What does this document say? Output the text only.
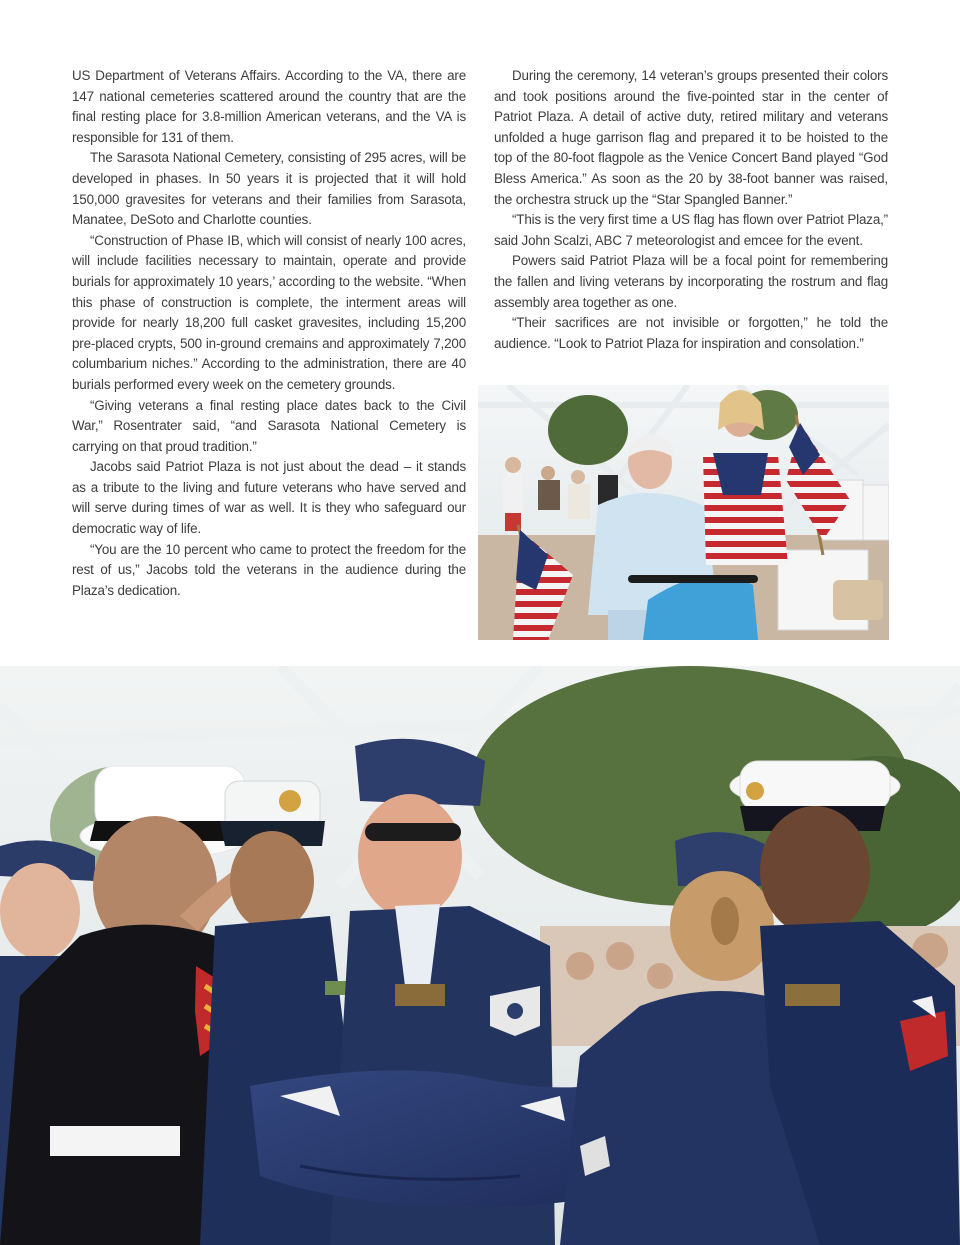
US Department of Veterans Affairs. According to the VA, there are 147 national cemeteries scattered around the country that are the final resting place for 3.8-million American veterans, and the VA is responsible for 131 of them.

The Sarasota National Cemetery, consisting of 295 acres, will be developed in phases. In 50 years it is projected that it will hold 150,000 gravesites for veterans and their families from Sarasota, Manatee, DeSoto and Charlotte counties.

“Construction of Phase IB, which will consist of nearly 100 acres, will include facilities necessary to maintain, operate and provide burials for approximately 10 years,’ according to the website. “When this phase of construction is complete, the interment areas will provide for nearly 18,200 full casket gravesites, including 15,200 pre-placed crypts, 500 in-ground cremains and approximately 7,200 columbarium niches.” According to the administration, there are 40 burials performed every week on the cemetery grounds.

“Giving veterans a final resting place dates back to the Civil War,” Rosentrater said, “and Sarasota National Cemetery is carrying on that proud tradition.”

Jacobs said Patriot Plaza is not just about the dead – it stands as a tribute to the living and future veterans who have served and will serve during times of war as well. It is they who safeguard our democratic way of life.

“You are the 10 percent who came to protect the freedom for the rest of us,” Jacobs told the veterans in the audience during the Plaza’s dedication.

During the ceremony, 14 veteran’s groups presented their colors and took positions around the five-pointed star in the center of Patriot Plaza. A detail of active duty, retired military and veterans unfolded a huge garrison flag and prepared it to be hoisted to the top of the 80-foot flagpole as the Venice Concert Band played “God Bless America.” As soon as the 20 by 38-foot banner was raised, the orchestra struck up the “Star Spangled Banner.”

“This is the very first time a US flag has flown over Patriot Plaza,” said John Scalzi, ABC 7 meteorologist and emcee for the event.

Powers said Patriot Plaza will be a focal point for remembering the fallen and living veterans by incorporating the rostrum and flag assembly area together as one.

“Their sacrifices are not invisible or forgotten,” he told the audience. “Look to Patriot Plaza for inspiration and consolation.”
